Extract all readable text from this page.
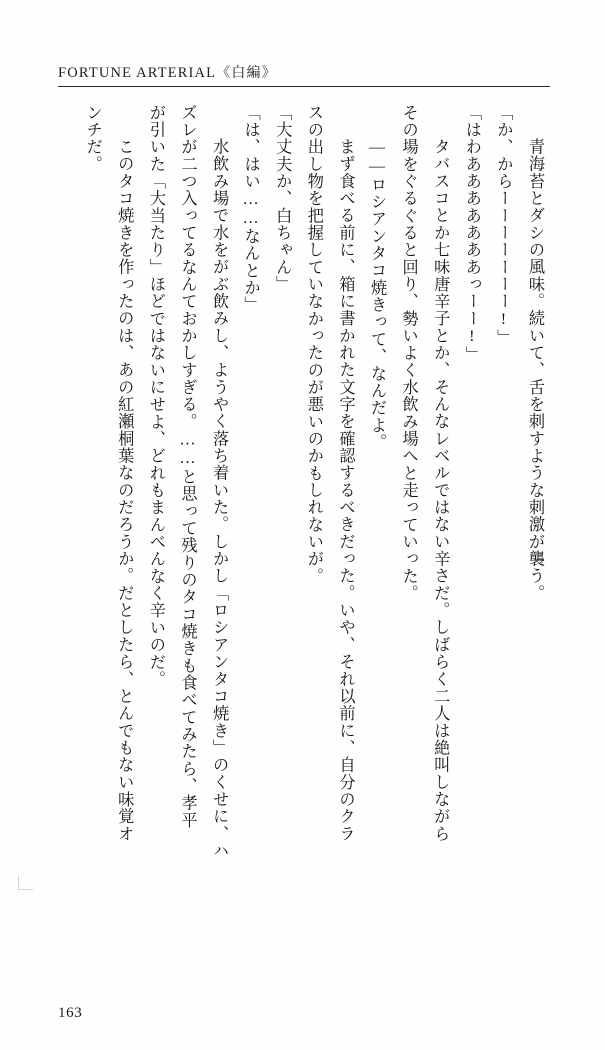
FORTUNE ARTERIAL《白編》

　青海苔とダシの風味。続いて、舌を刺すような刺激が襲う。

「か、からーーーーーーー!」

「はわあああああああっーー!」

　タバスコとか七味唐辛子とか、そんなレベルではない辛さだ。しばらく二人は絶叫しながら

その場をぐるぐると回り、勢いよく水飲み場へと走っていった。

　——ロシアンタコ焼きって、なんだよ。

　まず食べる前に、箱に書かれた文字を確認するべきだった。いや、それ以前に、自分のクラ

スの出し物を把握していなかったのが悪いのかもしれないが。

「大丈夫か、白ちゃん」

「は、はい……なんとか」

　水飲み場で水をがぶ飲みし、ようやく落ち着いた。しかし「ロシアンタコ焼き」のくせに、ハ

ズレが二つ入ってるなんておかしすぎる。……と思って残りのタコ焼きも食べてみたら、孝平

が引いた「大当たり」ほどではないにせよ、どれもまんべんなく辛いのだ。

　このタコ焼きを作ったのは、あの紅瀬桐葉なのだろうか。だとしたら、とんでもない味覚オ

ンチだ。

163
